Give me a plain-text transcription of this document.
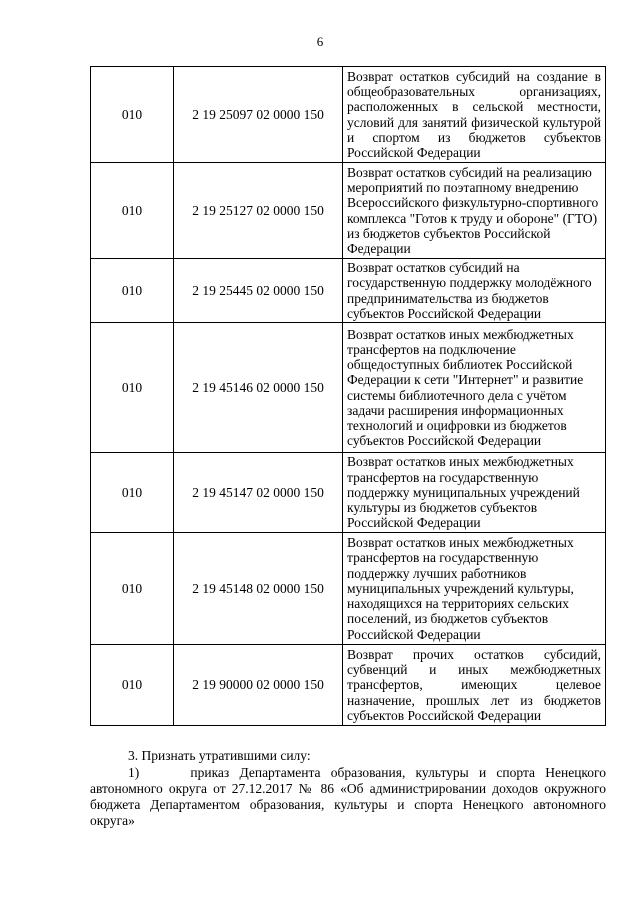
6
010	2 19 25097 02 0000 150	Возврат остатков субсидий на создание в общеобразовательных организациях, расположенных в сельской местности, условий для занятий физической культурой и спортом из бюджетов субъектов Российской Федерации
010	2 19 25127 02 0000 150	Возврат остатков субсидий на реализацию мероприятий по поэтапному внедрению Всероссийского физкультурно-спортивного комплекса "Готов к труду и обороне" (ГТО) из бюджетов субъектов Российской Федерации
010	2 19 25445 02 0000 150	Возврат остатков субсидий на государственную поддержку молодёжного предпринимательства из бюджетов субъектов Российской Федерации
010	2 19 45146 02 0000 150	Возврат остатков иных межбюджетных трансфертов на подключение общедоступных библиотек Российской Федерации к сети "Интернет" и развитие системы библиотечного дела с учётом задачи расширения информационных технологий и оцифровки из бюджетов субъектов Российской Федерации
010	2 19 45147 02 0000 150	Возврат остатков иных межбюджетных трансфертов на государственную поддержку муниципальных учреждений культуры из бюджетов субъектов Российской Федерации
010	2 19 45148 02 0000 150	Возврат остатков иных межбюджетных трансфертов на государственную поддержку лучших работников муниципальных учреждений культуры, находящихся на территориях сельских поселений, из бюджетов субъектов Российской Федерации
010	2 19 90000 02 0000 150	Возврат прочих остатков субсидий, субвенций и иных межбюджетных трансфертов, имеющих целевое назначение, прошлых лет из бюджетов субъектов Российской Федерации
3. Признать утратившими силу:
1)     приказ Департамента образования, культуры и спорта Ненецкого автономного округа от 27.12.2017 № 86 «Об администрировании доходов окружного бюджета Департаментом образования, культуры и спорта Ненецкого автономного округа»
